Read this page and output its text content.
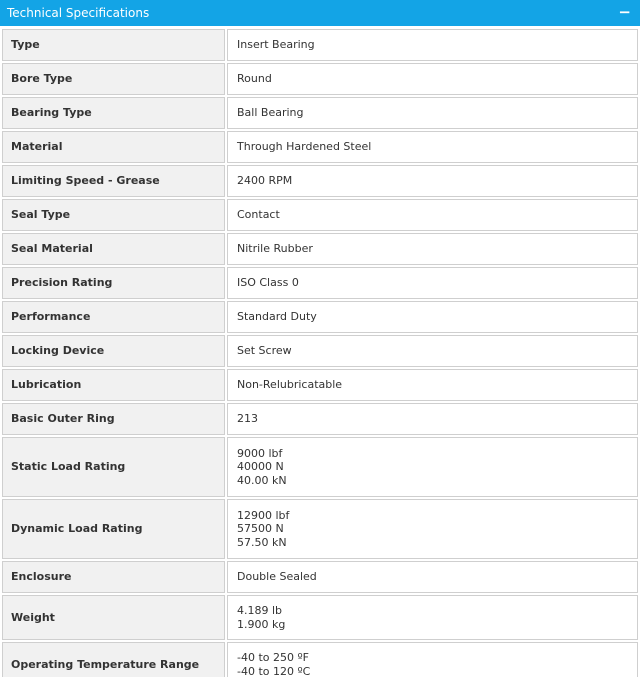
Technical Specifications	−
Type	Insert Bearing

Bore Type	Round

Bearing Type	Ball Bearing

Material	Through Hardened Steel

Limiting Speed - Grease	2400 RPM

Seal Type	Contact

Seal Material	Nitrile Rubber

Precision Rating	ISO Class 0

Performance	Standard Duty

Locking Device	Set Screw

Lubrication	Non-Relubricatable

Basic Outer Ring	213

Static Load Rating	9000 lbf
40000 N
40.00 kN

Dynamic Load Rating	12900 lbf
57500 N
57.50 kN

Enclosure	Double Sealed

Weight	4.189 lb
1.900 kg

Operating Temperature Range	-40 to 250 ºF
-40 to 120 ºC
